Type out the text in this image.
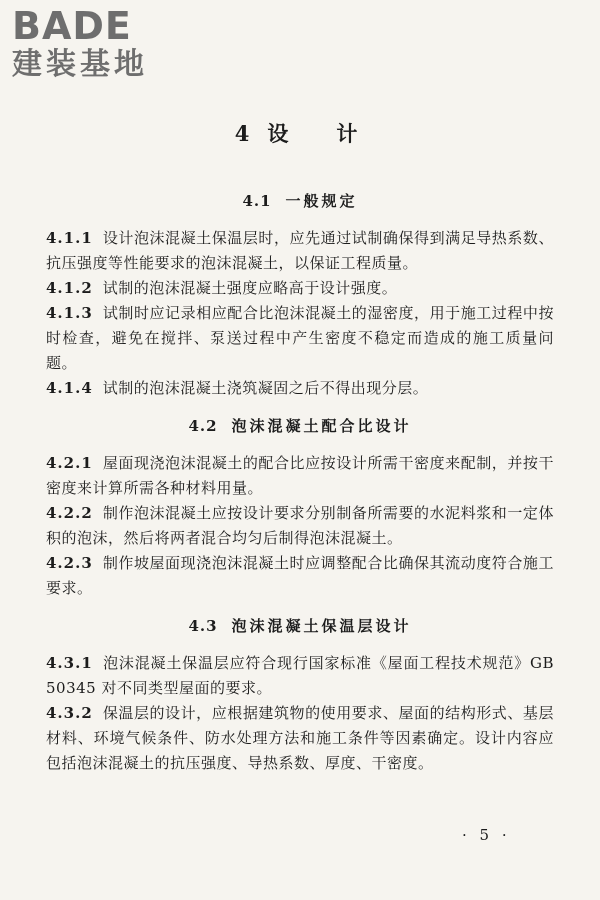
BADE
建装基地
4 设 计
4.1 一般规定

4.1.1 设计泡沫混凝土保温层时，应先通过试制确保得到满足导热系数、抗压强度等性能要求的泡沫混凝土，以保证工程质量。

4.1.2 试制的泡沫混凝土强度应略高于设计强度。

4.1.3 试制时应记录相应配合比泡沫混凝土的湿密度，用于施工过程中按时检查，避免在搅拌、泵送过程中产生密度不稳定而造成的施工质量问题。

4.1.4 试制的泡沫混凝土浇筑凝固之后不得出现分层。

4.2 泡沫混凝土配合比设计

4.2.1 屋面现浇泡沫混凝土的配合比应按设计所需干密度来配制，并按干密度来计算所需各种材料用量。

4.2.2 制作泡沫混凝土应按设计要求分别制备所需要的水泥料浆和一定体积的泡沫，然后将两者混合均匀后制得泡沫混凝土。

4.2.3 制作坡屋面现浇泡沫混凝土时应调整配合比确保其流动度符合施工要求。

4.3 泡沫混凝土保温层设计

4.3.1 泡沫混凝土保温层应符合现行国家标准《屋面工程技术规范》GB 50345 对不同类型屋面的要求。

4.3.2 保温层的设计，应根据建筑物的使用要求、屋面的结构形式、基层材料、环境气候条件、防水处理方法和施工条件等因素确定。设计内容应包括泡沫混凝土的抗压强度、导热系数、厚度、干密度。

· 5 ·
